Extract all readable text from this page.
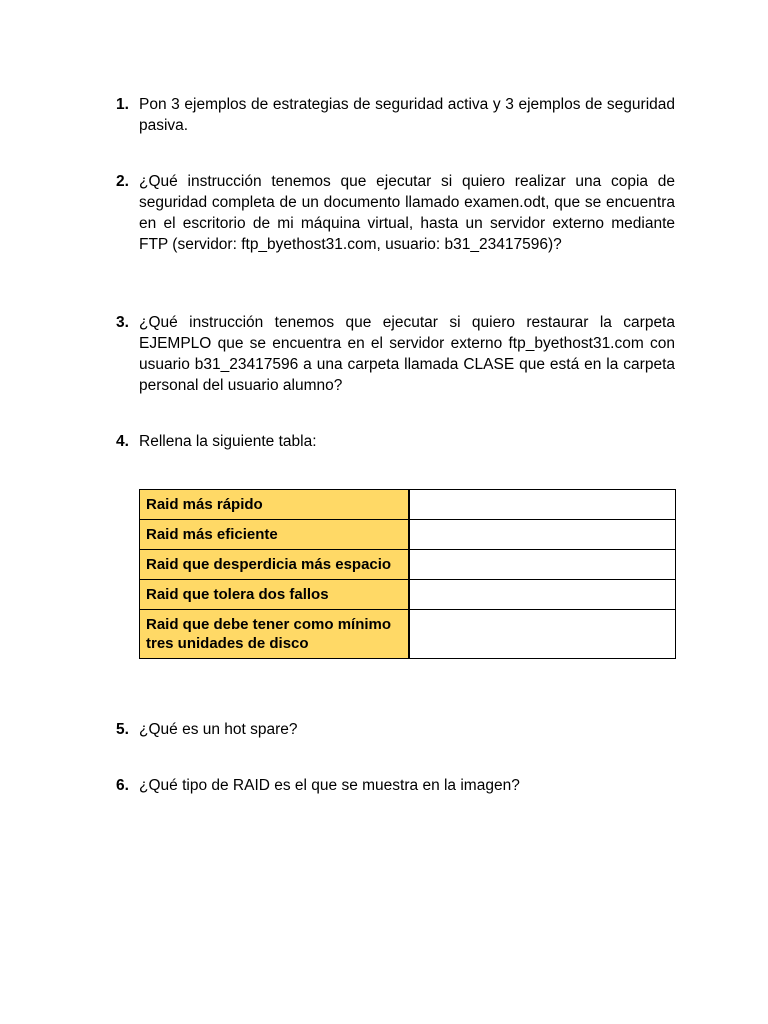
1. Pon 3 ejemplos de estrategias de seguridad activa y 3 ejemplos de seguridad pasiva.
2. ¿Qué instrucción tenemos que ejecutar si quiero realizar una copia de seguridad completa de un documento llamado examen.odt, que se encuentra en el escritorio de mi máquina virtual, hasta un servidor externo mediante FTP (servidor: ftp_byethost31.com, usuario: b31_23417596)?
3. ¿Qué instrucción tenemos que ejecutar si quiero restaurar la carpeta EJEMPLO que se encuentra en el servidor externo ftp_byethost31.com con usuario b31_23417596 a una carpeta llamada CLASE que está en la carpeta personal del usuario alumno?
4. Rellena la siguiente tabla:
Raid más rápido	
Raid más eficiente	
Raid que desperdicia más espacio	
Raid que tolera dos fallos	
Raid que debe tener como mínimo tres unidades de disco	
5. ¿Qué es un hot spare?
6. ¿Qué tipo de RAID es el que se muestra en la imagen?
